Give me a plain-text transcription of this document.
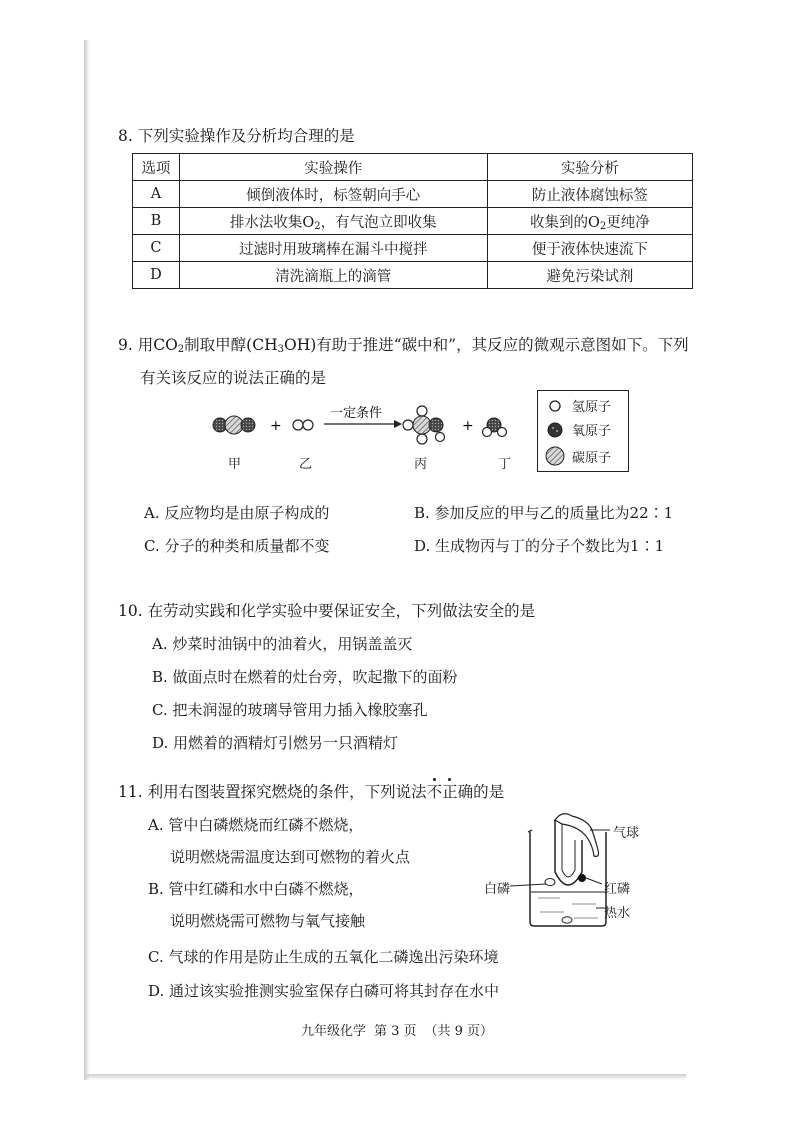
8. 下列实验操作及分析均合理的是
选项	实验操作	实验分析
A	倾倒液体时，标签朝向手心	防止液体腐蚀标签
B	排水法收集$O_2$，有气泡立即收集	收集到的$O_2$更纯净
C	过滤时用玻璃棒在漏斗中搅拌	便于液体快速流下
D	清洗滴瓶上的滴管	避免污染试剂
9. 用$CO_2$制取甲醇$(CH_3OH)$有助于推进“碳中和”，其反应的微观示意图如下。下列
有关该反应的说法正确的是
+
一定条件
+
甲	乙	丙	丁
氢原子
氧原子
碳原子
A. 反应物均是由原子构成的	B. 参加反应的甲与乙的质量比为22∶1
C. 分子的种类和质量都不变	D. 生成物丙与丁的分子个数比为1∶1
10. 在劳动实践和化学实验中要保证安全，下列做法安全的是
A. 炒菜时油锅中的油着火，用锅盖盖灭
B. 做面点时在燃着的灶台旁，吹起撒下的面粉
C. 把未润湿的玻璃导管用力插入橡胶塞孔
D. 用燃着的酒精灯引燃另一只酒精灯
11. 利用右图装置探究燃烧的条件，下列说法不正确的是
A. 管中白磷燃烧而红磷不燃烧，
说明燃烧需温度达到可燃物的着火点
B. 管中红磷和水中白磷不燃烧，
说明燃烧需可燃物与氧气接触
C. 气球的作用是防止生成的五氧化二磷逸出污染环境
D. 通过该实验推测实验室保存白磷可将其封存在水中
气球
白磷	红磷
热水
九年级化学 第 3 页 （共 9 页）
